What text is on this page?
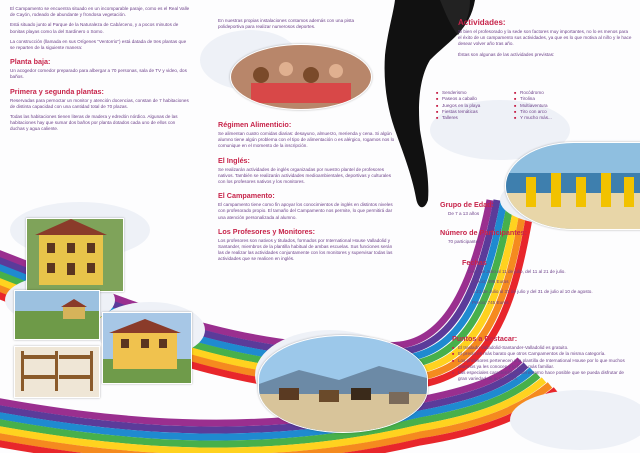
El Campamento se encuentra situado en un incomparable paraje, como es el Real Valle de Cayón, rodeado de abundante y frondosa vegetación.

Está situado junto al Parque de la Naturaleza de Cabárceno, y a pocos minutos de bonitas playas como la del Sardinero o Somo.

La construcción (llamada en sus Orígenes "Ventorrio") está datada de tres plantas que se reparten de la siguiente manera:

Planta baja:

Un acogedor comedor preparado para albergar a 70 personas, sala de TV y video, dos baños.

Primera y segunda plantas:

Reservadas para pernoctar un monitor y atención docencias, constan de 7 habitaciones de distinta capacidad con una cantidad total de 70 plazas.

Todas las habitaciones tienen literas de madera y edredón nórdico. Algunas de las habitaciones hay que sumar dos baños por planta dotados cada uno de ellos con duchas y agua caliente.

En nuestras propias instalaciones contamos además con una pista polideportiva para realizar numerosos deportes.

Régimen Alimenticio:

Se alimentan cuatro comidas diarias: desayuno, almuerzo, merienda y cena. Si algún alumno tiene algún problema con el tipo de alimentación o es alérgico, rogamos nos lo comunique en el momento de la inscripción.

El Inglés:

Se realizarán actividades de inglés organizadas por nuestro plantel de profesores nativos. También se realizarán actividades medioambientales, deportivas y culturales con los profesores nativos y los monitores.

El Campamento:

El campamento tiene como fin apoyar los conocimientos de inglés en distintos niveles con profesorado propio. El tamaño del Campamento nos permite, lo que permitirá dar una atención personalizada al alumno.

Los Profesores y Monitores:

Los profesores son nativos y titulados, formados por International House Valladolid y Santander, miembros de la plantilla habitual de ambas escuelas. Sus funciones serán las de realizar las actividades conjuntamente con los monitores y supervisar todas las actividades que se realicen en inglés.

Actividades:

Si bien el profesorado y la sede son factores muy importantes, no lo es menos para el éxito de un campamento sus actividades, ya que es lo que motiva al niño y le hace desear volver año tras año.

Éstas son algunas de las actividades previstas:

■ Senderismo
■ Paseos a caballo
■ Juegos en la playa
■ Fiestas temáticas
■ Talleres
■ Rocódromo
■ Tirolina
■ Multiaventura
■ Tiro con arco
■ Y mucho más...

Grupo de Edad:

De 7 a 13 años

Número de Participantes:

70 participantes.

Fechas

Del 1 de Julio al 11 de julio, del 11 al 21 de julio.

Precio: 495 Euros

Del 21 de Julio al 31 de julio y del 31 de julio al 10 de agosto.

Precio: 745 Euros

Puntos a Destacar:

■ El traslado Valladolid-Santander-Valladolid es gratuito.
■ El precio es más barato que otros Campamentos de la misma categoría.
■ Los profesores pertenecen a la plantilla de International House por lo que muchos alumnos ya les conocen y lo hace más familiar.
■ Las especiales características del entorno hace posible que se pueda disfrutar de gran variedad de actividades.
